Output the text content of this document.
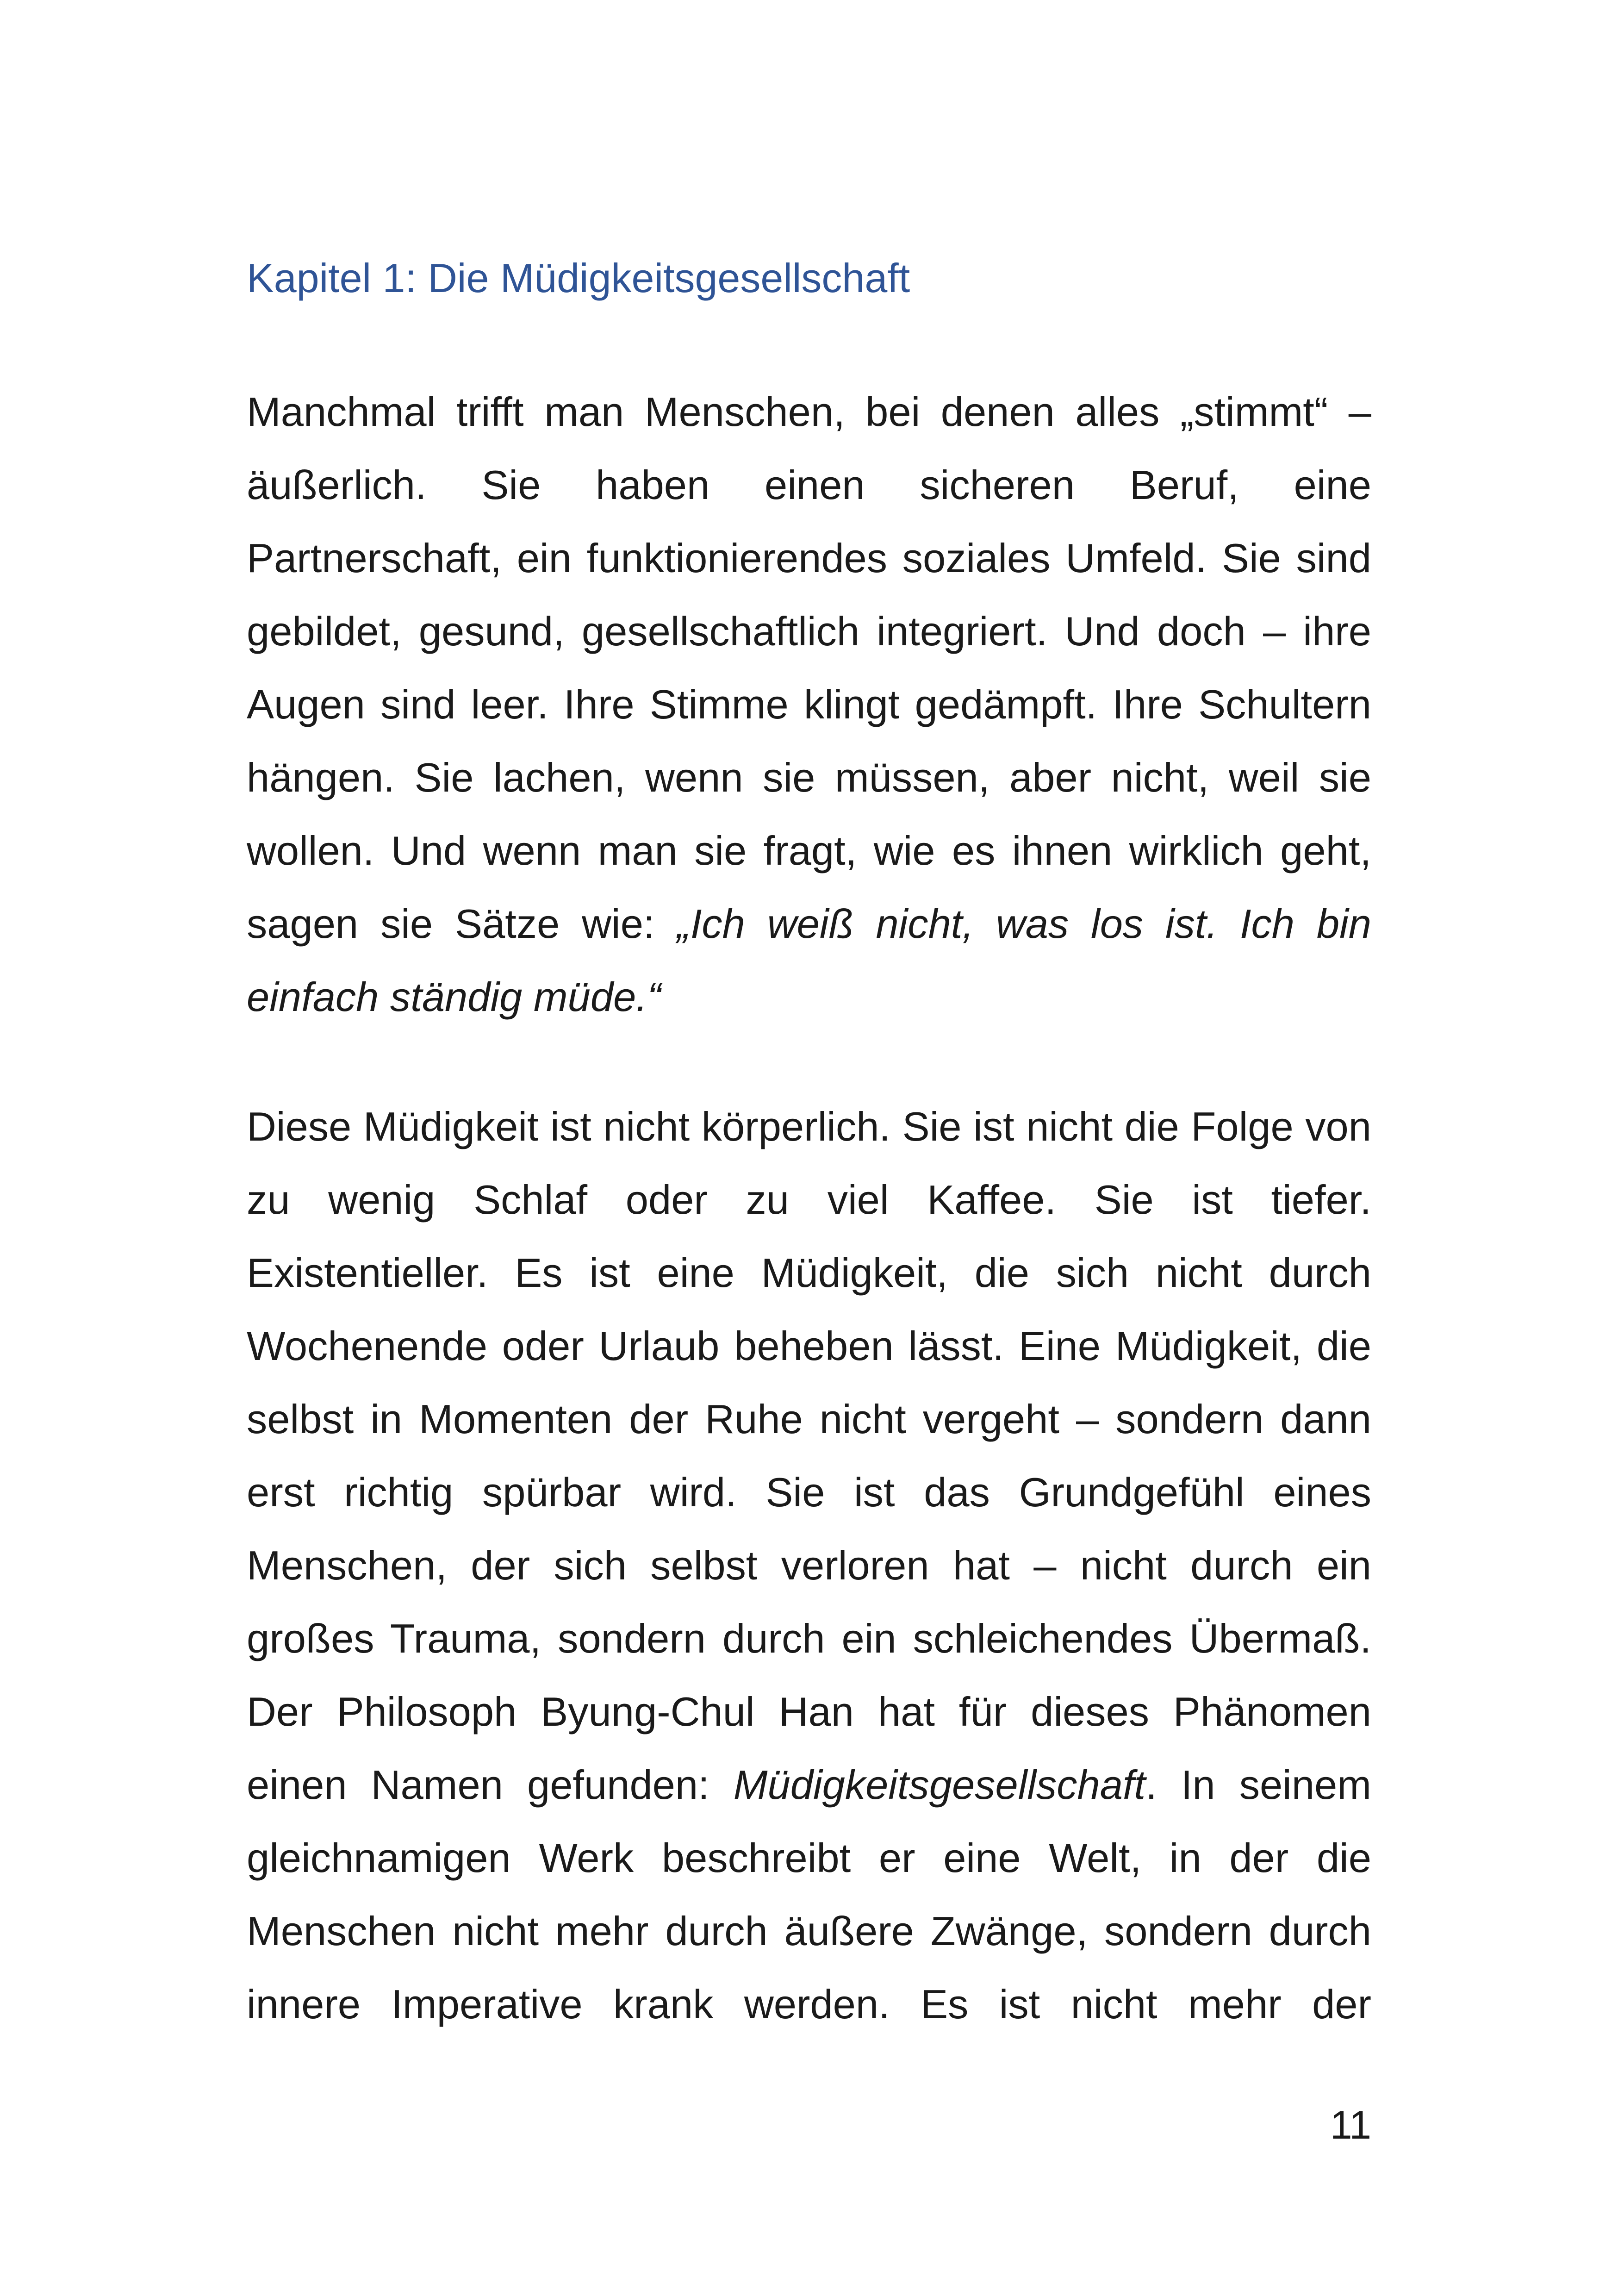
Kapitel 1: Die Müdigkeitsgesellschaft

Manchmal trifft man Menschen, bei denen alles „stimmt“ – äußerlich. Sie haben einen sicheren Beruf, eine Partnerschaft, ein funktionierendes soziales Umfeld. Sie sind gebildet, gesund, gesellschaftlich integriert. Und doch – ihre Augen sind leer. Ihre Stimme klingt gedämpft. Ihre Schultern hängen. Sie lachen, wenn sie müssen, aber nicht, weil sie wollen. Und wenn man sie fragt, wie es ihnen wirklich geht, sagen sie Sätze wie: „Ich weiß nicht, was los ist. Ich bin einfach ständig müde.“

Diese Müdigkeit ist nicht körperlich. Sie ist nicht die Folge von zu wenig Schlaf oder zu viel Kaffee. Sie ist tiefer. Existentieller. Es ist eine Müdigkeit, die sich nicht durch Wochenende oder Urlaub beheben lässt. Eine Müdigkeit, die selbst in Momenten der Ruhe nicht vergeht – sondern dann erst richtig spürbar wird. Sie ist das Grundgefühl eines Menschen, der sich selbst verloren hat – nicht durch ein großes Trauma, sondern durch ein schleichendes Übermaß. Der Philosoph Byung-Chul Han hat für dieses Phänomen einen Namen gefunden: Müdigkeitsgesellschaft. In seinem gleichnamigen Werk beschreibt er eine Welt, in der die Menschen nicht mehr durch äußere Zwänge, sondern durch innere Imperative krank werden. Es ist nicht mehr der

11
